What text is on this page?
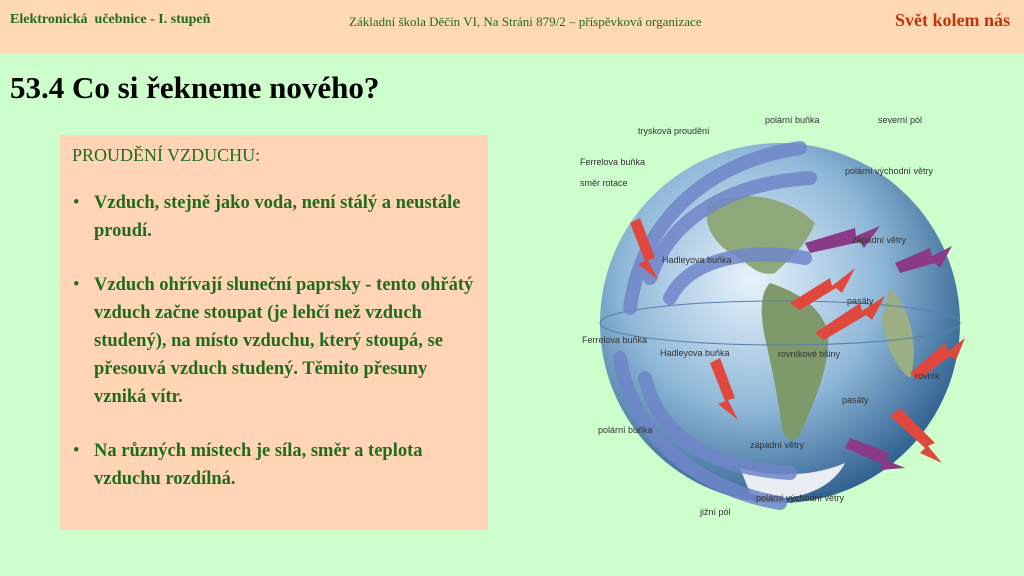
Elektronická  učebnice - I. stupeň	Základní škola Děčín VI, Na Stráni 879/2 – příspěvková organizace	Svět kolem nás
53.4 Co si řekneme nového?
PROUDĚNÍ VZDUCHU:
• Vzduch, stejně jako voda, není stálý a neustále proudí.
• Vzduch ohřívají sluneční paprsky - tento ohřátý vzduch začne stoupat (je lehčí než vzduch studený), na místo vzduchu, který stoupá, se přesouvá vzduch studený. Těmito přesuny vzniká vítr.
• Na různých místech je síla, směr a teplota vzduchu rozdílná.
trysková proudění
polární buňka	severní pól
Ferrelova buňka
směr rotace
polární východní větry
západní větry
Hadleyova buňka
pasáty
Ferrelova buňka
Hadleyova buňka	rovníkové tišiny
rovník
pasáty
polární buňka
západní větry
polární východní větry
jižní pól
